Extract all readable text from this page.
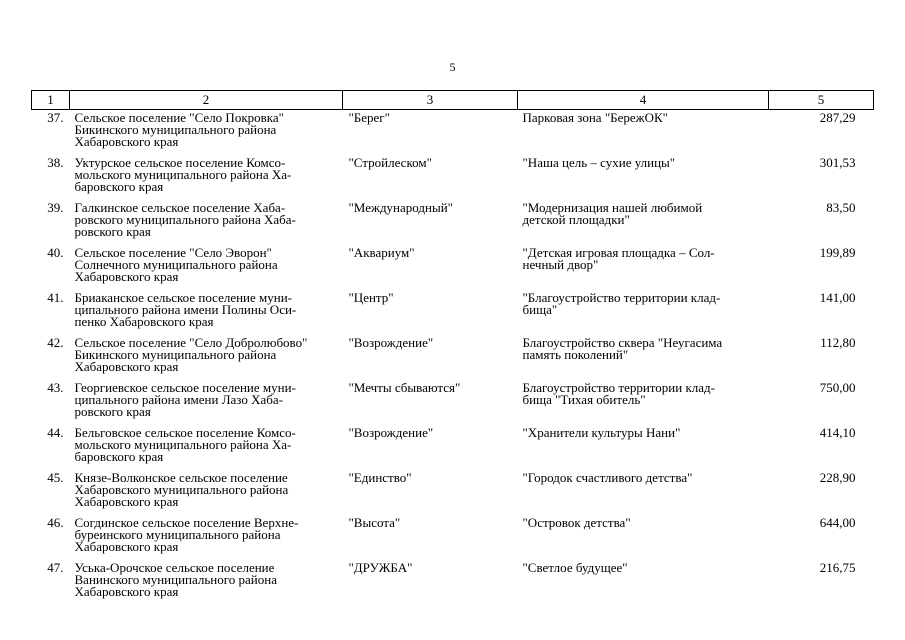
5
1	2	3	4	5
37.	Сельское поселение "Село Покровка"
Бикинского муниципального района
Хабаровского края	"Берег"	Парковая зона "БережОК"	287,29
38.	Уктурское сельское поселение Комсо-
мольского муниципального района Ха-
баровского края	"Стройлеском"	"Наша цель – сухие улицы"	301,53
39.	Галкинское сельское поселение Хаба-
ровского муниципального района Хаба-
ровского края	"Международный"	"Модернизация нашей любимой
детской площадки"	83,50
40.	Сельское поселение "Село Эворон"
Солнечного муниципального района
Хабаровского края	"Аквариум"	"Детская игровая площадка – Сол-
нечный двор"	199,89
41.	Бриаканское сельское поселение муни-
ципального района имени Полины Оси-
пенко Хабаровского края	"Центр"	"Благоустройство территории клад-
бища"	141,00
42.	Сельское поселение "Село Добролюбово"
Бикинского муниципального района
Хабаровского края	"Возрождение"	Благоустройство сквера "Неугасима
память поколений"	112,80
43.	Георгиевское сельское поселение муни-
ципального района имени Лазо Хаба-
ровского края	"Мечты сбываются"	Благоустройство территории клад-
бища "Тихая обитель"	750,00
44.	Бельговское сельское поселение Комсо-
мольского муниципального района Ха-
баровского края	"Возрождение"	"Хранители культуры Нани"	414,10
45.	Князе-Волконское сельское поселение
Хабаровского муниципального района
Хабаровского края	"Единство"	"Городок счастливого детства"	228,90
46.	Согдинское сельское поселение Верхне-
буреинского муниципального района
Хабаровского края	"Высота"	"Островок детства"	644,00
47.	Уська-Орочское сельское поселение
Ванинского муниципального района
Хабаровского края	"ДРУЖБА"	"Светлое будущее"	216,75
